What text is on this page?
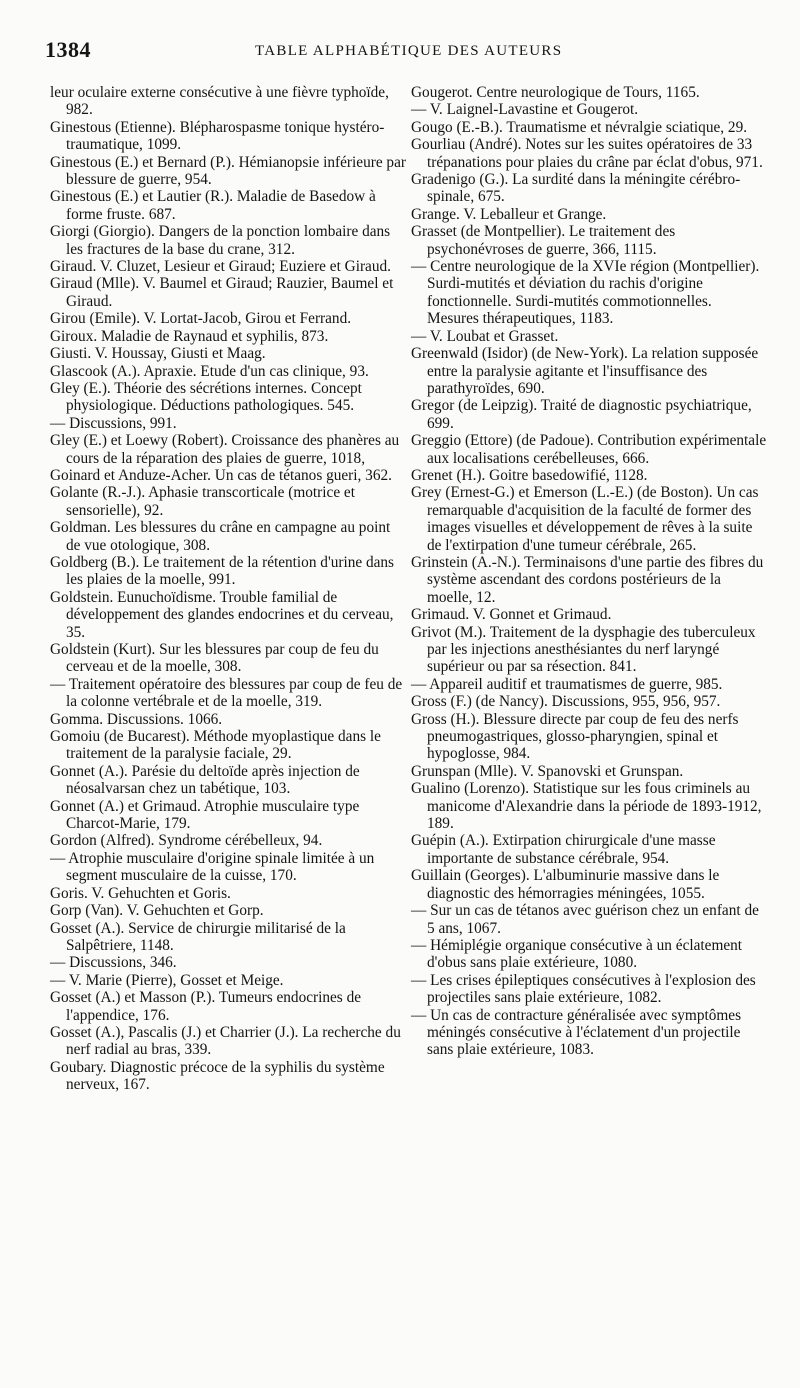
1384	TABLE ALPHABÉTIQUE DES AUTEURS

leur oculaire externe consécutive à une fièvre typhoïde, 982.

Ginestous (Etienne). Blépharospasme tonique hystéro-traumatique, 1099.

Ginestous (E.) et Bernard (P.). Hémianopsie inférieure par blessure de guerre, 954.

Ginestous (E.) et Lautier (R.). Maladie de Basedow à forme fruste. 687.

Giorgi (Giorgio). Dangers de la ponction lombaire dans les fractures de la base du crane, 312.

Giraud. V. Cluzet, Lesieur et Giraud; Euziere et Giraud.

Giraud (Mlle). V. Baumel et Giraud; Rauzier, Baumel et Giraud.

Girou (Emile). V. Lortat-Jacob, Girou et Ferrand.

Giroux. Maladie de Raynaud et syphilis, 873.

Giusti. V. Houssay, Giusti et Maag.

Glascook (A.). Apraxie. Etude d'un cas clinique, 93.

Gley (E.). Théorie des sécrétions internes. Concept physiologique. Déductions pathologiques. 545.

— Discussions, 991.

Gley (E.) et Loewy (Robert). Croissance des phanères au cours de la réparation des plaies de guerre, 1018,

Goinard et Anduze-Acher. Un cas de tétanos gueri, 362.

Golante (R.-J.). Aphasie transcorticale (motrice et sensorielle), 92.

Goldman. Les blessures du crâne en campagne au point de vue otologique, 308.

Goldberg (B.). Le traitement de la rétention d'urine dans les plaies de la moelle, 991.

Goldstein. Eunuchoïdisme. Trouble familial de développement des glandes endocrines et du cerveau, 35.

Goldstein (Kurt). Sur les blessures par coup de feu du cerveau et de la moelle, 308.

— Traitement opératoire des blessures par coup de feu de la colonne vertébrale et de la moelle, 319.

Gomma. Discussions. 1066.

Gomoiu (de Bucarest). Méthode myoplastique dans le traitement de la paralysie faciale, 29.

Gonnet (A.). Parésie du deltoïde après injection de néosalvarsan chez un tabétique, 103.

Gonnet (A.) et Grimaud. Atrophie musculaire type Charcot-Marie, 179.

Gordon (Alfred). Syndrome cérébelleux, 94.

— Atrophie musculaire d'origine spinale limitée à un segment musculaire de la cuisse, 170.

Goris. V. Gehuchten et Goris.

Gorp (Van). V. Gehuchten et Gorp.

Gosset (A.). Service de chirurgie militarisé de la Salpêtriere, 1148.

— Discussions, 346.

— V. Marie (Pierre), Gosset et Meige.

Gosset (A.) et Masson (P.). Tumeurs endocrines de l'appendice, 176.

Gosset (A.), Pascalis (J.) et Charrier (J.). La recherche du nerf radial au bras, 339.

Goubary. Diagnostic précoce de la syphilis du système nerveux, 167.

Gougerot. Centre neurologique de Tours, 1165.

— V. Laignel-Lavastine et Gougerot.

Gougo (E.-B.). Traumatisme et névralgie sciatique, 29.

Gourliau (André). Notes sur les suites opératoires de 33 trépanations pour plaies du crâne par éclat d'obus, 971.

Gradenigo (G.). La surdité dans la méningite cérébro-spinale, 675.

Grange. V. Leballeur et Grange.

Grasset (de Montpellier). Le traitement des psychonévroses de guerre, 366, 1115.

— Centre neurologique de la XVIe région (Montpellier). Surdi-mutités et déviation du rachis d'origine fonctionnelle. Surdi-mutités commotionnelles. Mesures thérapeutiques, 1183.

— V. Loubat et Grasset.

Greenwald (Isidor) (de New-York). La relation supposée entre la paralysie agitante et l'insuffisance des parathyroïdes, 690.

Gregor (de Leipzig). Traité de diagnostic psychiatrique, 699.

Greggio (Ettore) (de Padoue). Contribution expérimentale aux localisations cerébelleuses, 666.

Grenet (H.). Goitre basedowifié, 1128.

Grey (Ernest-G.) et Emerson (L.-E.) (de Boston). Un cas remarquable d'acquisition de la faculté de former des images visuelles et développement de rêves à la suite de l'extirpation d'une tumeur cérébrale, 265.

Grinstein (A.-N.). Terminaisons d'une partie des fibres du système ascendant des cordons postérieurs de la moelle, 12.

Grimaud. V. Gonnet et Grimaud.

Grivot (M.). Traitement de la dysphagie des tuberculeux par les injections anesthésiantes du nerf laryngé supérieur ou par sa résection. 841.

— Appareil auditif et traumatismes de guerre, 985.

Gross (F.) (de Nancy). Discussions, 955, 956, 957.

Gross (H.). Blessure directe par coup de feu des nerfs pneumogastriques, glosso-pharyngien, spinal et hypoglosse, 984.

Grunspan (Mlle). V. Spanovski et Grunspan.

Gualino (Lorenzo). Statistique sur les fous criminels au manicome d'Alexandrie dans la période de 1893-1912, 189.

Guépin (A.). Extirpation chirurgicale d'une masse importante de substance cérébrale, 954.

Guillain (Georges). L'albuminurie massive dans le diagnostic des hémorragies méningées, 1055.

— Sur un cas de tétanos avec guérison chez un enfant de 5 ans, 1067.

— Hémiplégie organique consécutive à un éclatement d'obus sans plaie extérieure, 1080.

— Les crises épileptiques consécutives à l'explosion des projectiles sans plaie extérieure, 1082.

— Un cas de contracture généralisée avec symptômes méningés consécutive à l'éclatement d'un projectile sans plaie extérieure, 1083.
